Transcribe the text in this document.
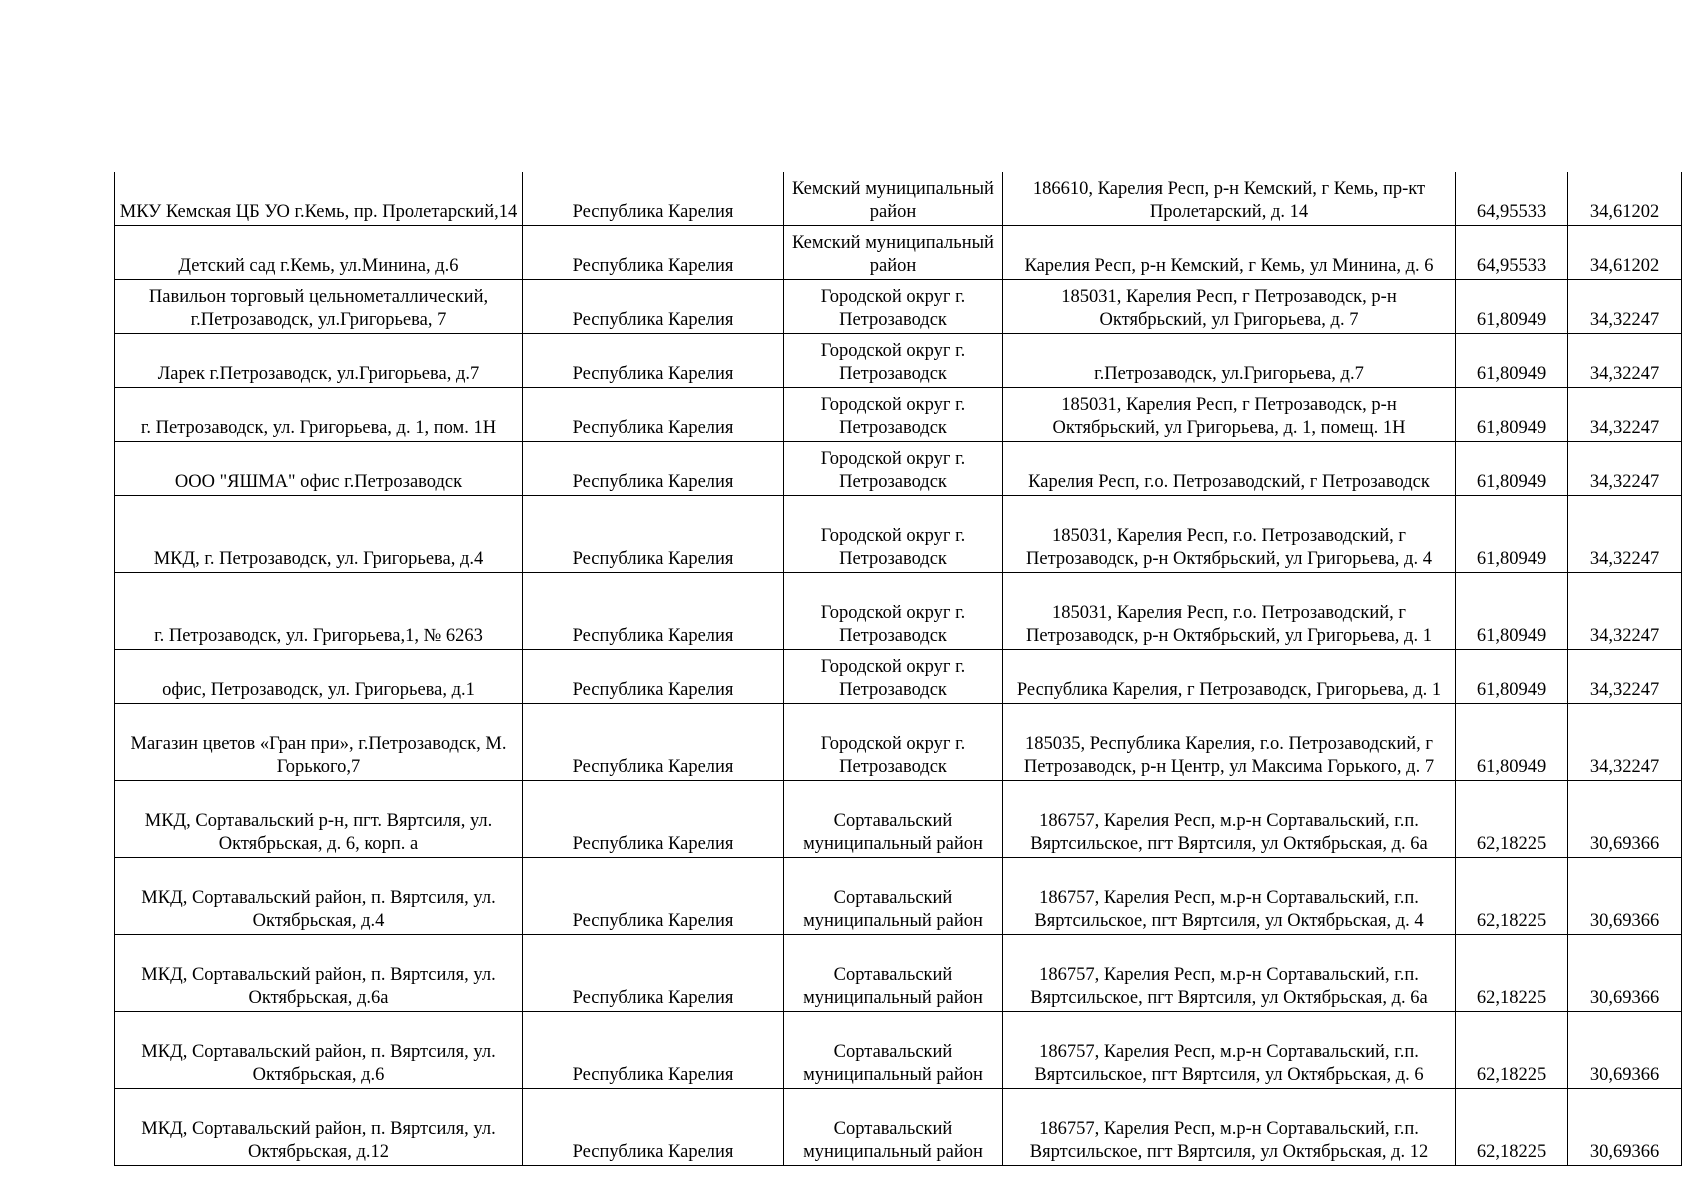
МКУ Кемская ЦБ УО г.Кемь, пр. Пролетарский,14	Республика Карелия	Кемский муниципальный район	186610, Карелия Респ, р-н Кемский, г Кемь, пр-кт Пролетарский, д. 14	64,95533	34,61202
Детский сад г.Кемь, ул.Минина, д.6	Республика Карелия	Кемский муниципальный район	Карелия Респ, р-н Кемский, г Кемь, ул Минина, д. 6	64,95533	34,61202
Павильон торговый цельнометаллический, г.Петрозаводск, ул.Григорьева, 7	Республика Карелия	Городской округ г. Петрозаводск	185031, Карелия Респ, г Петрозаводск, р-н Октябрьский, ул Григорьева, д. 7	61,80949	34,32247
Ларек г.Петрозаводск, ул.Григорьева, д.7	Республика Карелия	Городской округ г. Петрозаводск	г.Петрозаводск, ул.Григорьева, д.7	61,80949	34,32247
г. Петрозаводск, ул. Григорьева, д. 1, пом. 1Н	Республика Карелия	Городской округ г. Петрозаводск	185031, Карелия Респ, г Петрозаводск, р-н Октябрьский, ул Григорьева, д. 1, помещ. 1Н	61,80949	34,32247
ООО "ЯШМА" офис г.Петрозаводск	Республика Карелия	Городской округ г. Петрозаводск	Карелия Респ, г.о. Петрозаводский, г Петрозаводск	61,80949	34,32247
МКД, г. Петрозаводск, ул. Григорьева, д.4	Республика Карелия	Городской округ г. Петрозаводск	185031, Карелия Респ, г.о. Петрозаводский, г Петрозаводск, р-н Октябрьский, ул Григорьева, д. 4	61,80949	34,32247
г. Петрозаводск, ул. Григорьева,1, № 6263	Республика Карелия	Городской округ г. Петрозаводск	185031, Карелия Респ, г.о. Петрозаводский, г Петрозаводск, р-н Октябрьский, ул Григорьева, д. 1	61,80949	34,32247
офис, Петрозаводск, ул. Григорьева, д.1	Республика Карелия	Городской округ г. Петрозаводск	Республика Карелия, г Петрозаводск, Григорьева, д. 1	61,80949	34,32247
Магазин цветов «Гран при», г.Петрозаводск, М. Горького,7	Республика Карелия	Городской округ г. Петрозаводск	185035, Республика Карелия, г.о. Петрозаводский, г Петрозаводск, р-н Центр, ул Максима Горького, д. 7	61,80949	34,32247
МКД, Сортавальский р-н, пгт. Вяртсиля, ул. Октябрьская, д. 6, корп. а	Республика Карелия	Сортавальский муниципальный район	186757, Карелия Респ, м.р-н Сортавальский, г.п. Вяртсильское, пгт Вяртсиля, ул Октябрьская, д. 6а	62,18225	30,69366
МКД, Сортавальский район, п. Вяртсиля, ул. Октябрьская, д.4	Республика Карелия	Сортавальский муниципальный район	186757, Карелия Респ, м.р-н Сортавальский, г.п. Вяртсильское, пгт Вяртсиля, ул Октябрьская, д. 4	62,18225	30,69366
МКД, Сортавальский район, п. Вяртсиля, ул. Октябрьская, д.6а	Республика Карелия	Сортавальский муниципальный район	186757, Карелия Респ, м.р-н Сортавальский, г.п. Вяртсильское, пгт Вяртсиля, ул Октябрьская, д. 6а	62,18225	30,69366
МКД, Сортавальский район, п. Вяртсиля, ул. Октябрьская, д.6	Республика Карелия	Сортавальский муниципальный район	186757, Карелия Респ, м.р-н Сортавальский, г.п. Вяртсильское, пгт Вяртсиля, ул Октябрьская, д. 6	62,18225	30,69366
МКД, Сортавальский район, п. Вяртсиля, ул. Октябрьская, д.12	Республика Карелия	Сортавальский муниципальный район	186757, Карелия Респ, м.р-н Сортавальский, г.п. Вяртсильское, пгт Вяртсиля, ул Октябрьская, д. 12	62,18225	30,69366
